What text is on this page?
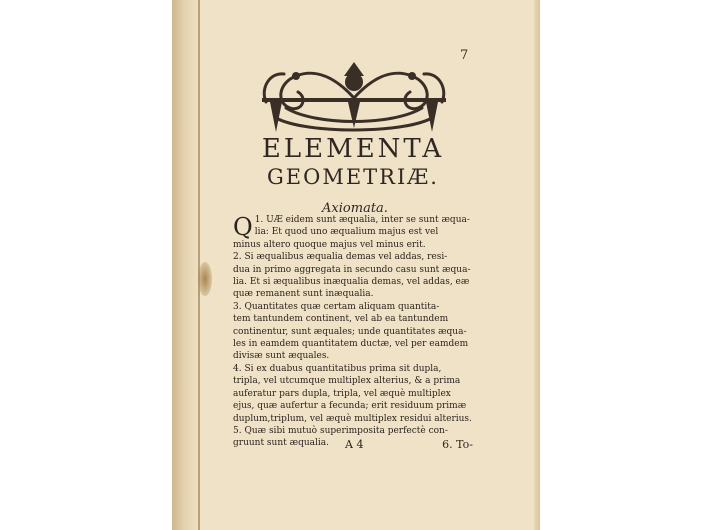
7
ELEMENTA
GEOMETRIÆ.
Axiomata.

Q 1. UÆ eidem sunt æqualia, inter se sunt æqua-
lia: Et quod uno æqualium majus est vel
minus altero quoque majus vel minus erit.

2. Si æqualibus æqualia demas vel addas, resi-
dua in primo aggregata in secundo casu sunt æqua-
lia. Et si æqualibus inæqualia demas, vel addas, eæ
quæ remanent sunt inæqualia.

3. Quantitates quæ certam aliquam quantita-
tem tantundem continent, vel ab ea tantundem
continentur, sunt æquales; unde quantitates æqua-
les in eamdem quantitatem ductæ, vel per eamdem
divisæ sunt æquales.

4. Si ex duabus quantitatibus prima sit dupla,
tripla, vel utcumque multiplex alterius, & a prima
auferatur pars dupla, tripla, vel æquè multiplex
ejus, quæ aufertur a fecunda; erit residuum primæ
duplum,triplum, vel æquè multiplex residui alterius.

5. Quæ sibi mutuò superimposita perfectè con-
gruunt sunt æqualia.	A 4	6. To-
